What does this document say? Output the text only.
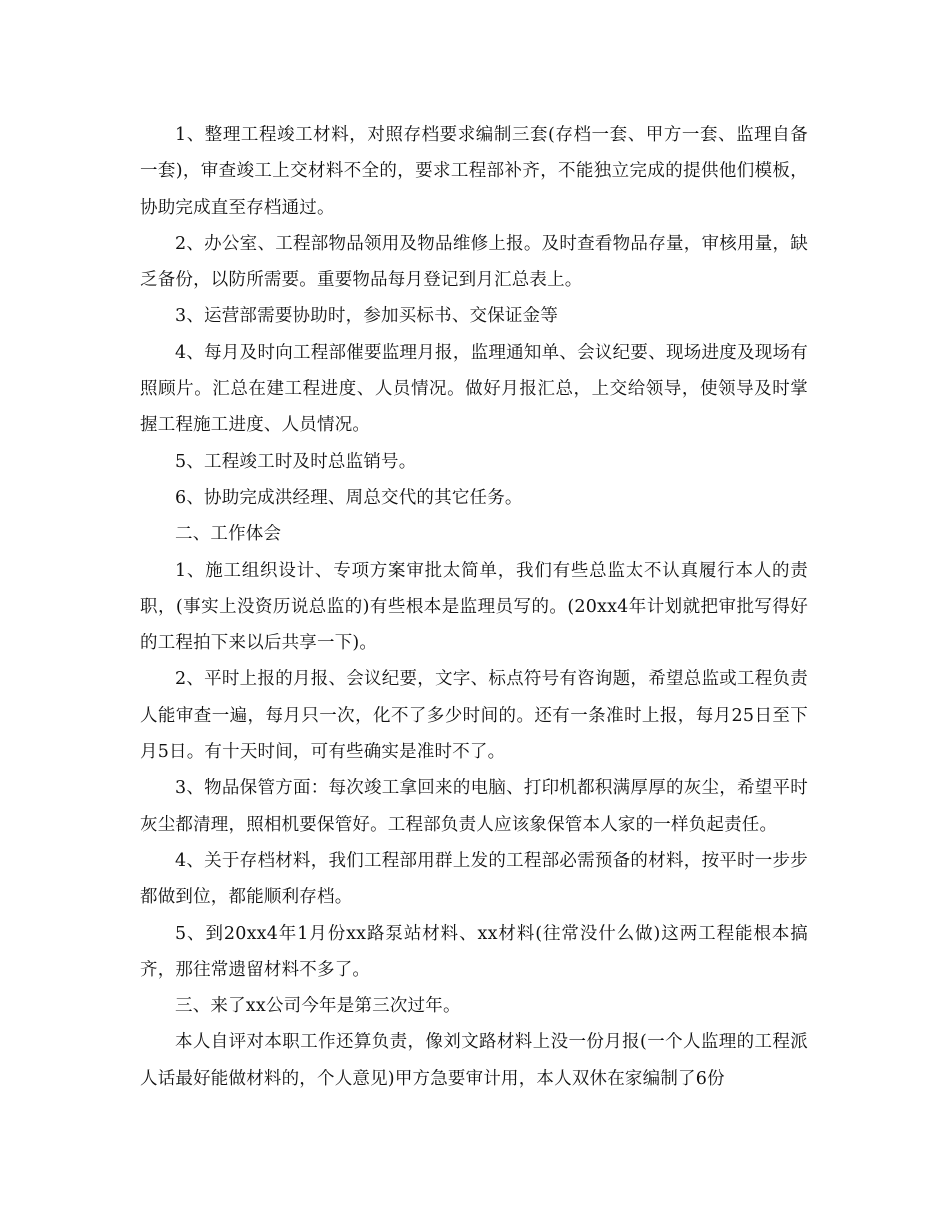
1、整理工程竣工材料，对照存档要求编制三套(存档一套、甲方一套、监理自备一套)，审查竣工上交材料不全的，要求工程部补齐，不能独立完成的提供他们模板，协助完成直至存档通过。

2、办公室、工程部物品领用及物品维修上报。及时查看物品存量，审核用量，缺乏备份，以防所需要。重要物品每月登记到月汇总表上。

3、运营部需要协助时，参加买标书、交保证金等

4、每月及时向工程部催要监理月报，监理通知单、会议纪要、现场进度及现场有照顾片。汇总在建工程进度、人员情况。做好月报汇总，上交给领导，使领导及时掌握工程施工进度、人员情况。

5、工程竣工时及时总监销号。

6、协助完成洪经理、周总交代的其它任务。

二、工作体会

1、施工组织设计、专项方案审批太简单，我们有些总监太不认真履行本人的责职，(事实上没资历说总监的)有些根本是监理员写的。(20xx4年计划就把审批写得好的工程拍下来以后共享一下)。

2、平时上报的月报、会议纪要，文字、标点符号有咨询题，希望总监或工程负责人能审查一遍，每月只一次，化不了多少时间的。还有一条准时上报，每月25日至下月5日。有十天时间，可有些确实是准时不了。

3、物品保管方面：每次竣工拿回来的电脑、打印机都积满厚厚的灰尘，希望平时灰尘都清理，照相机要保管好。工程部负责人应该象保管本人家的一样负起责任。

4、关于存档材料，我们工程部用群上发的工程部必需预备的材料，按平时一步步都做到位，都能顺利存档。

5、到20xx4年1月份xx路泵站材料、xx材料(往常没什么做)这两工程能根本搞齐，那往常遗留材料不多了。

三、来了xx公司今年是第三次过年。

本人自评对本职工作还算负责，像刘文路材料上没一份月报(一个人监理的工程派人话最好能做材料的，个人意见)甲方急要审计用，本人双休在家编制了6份
